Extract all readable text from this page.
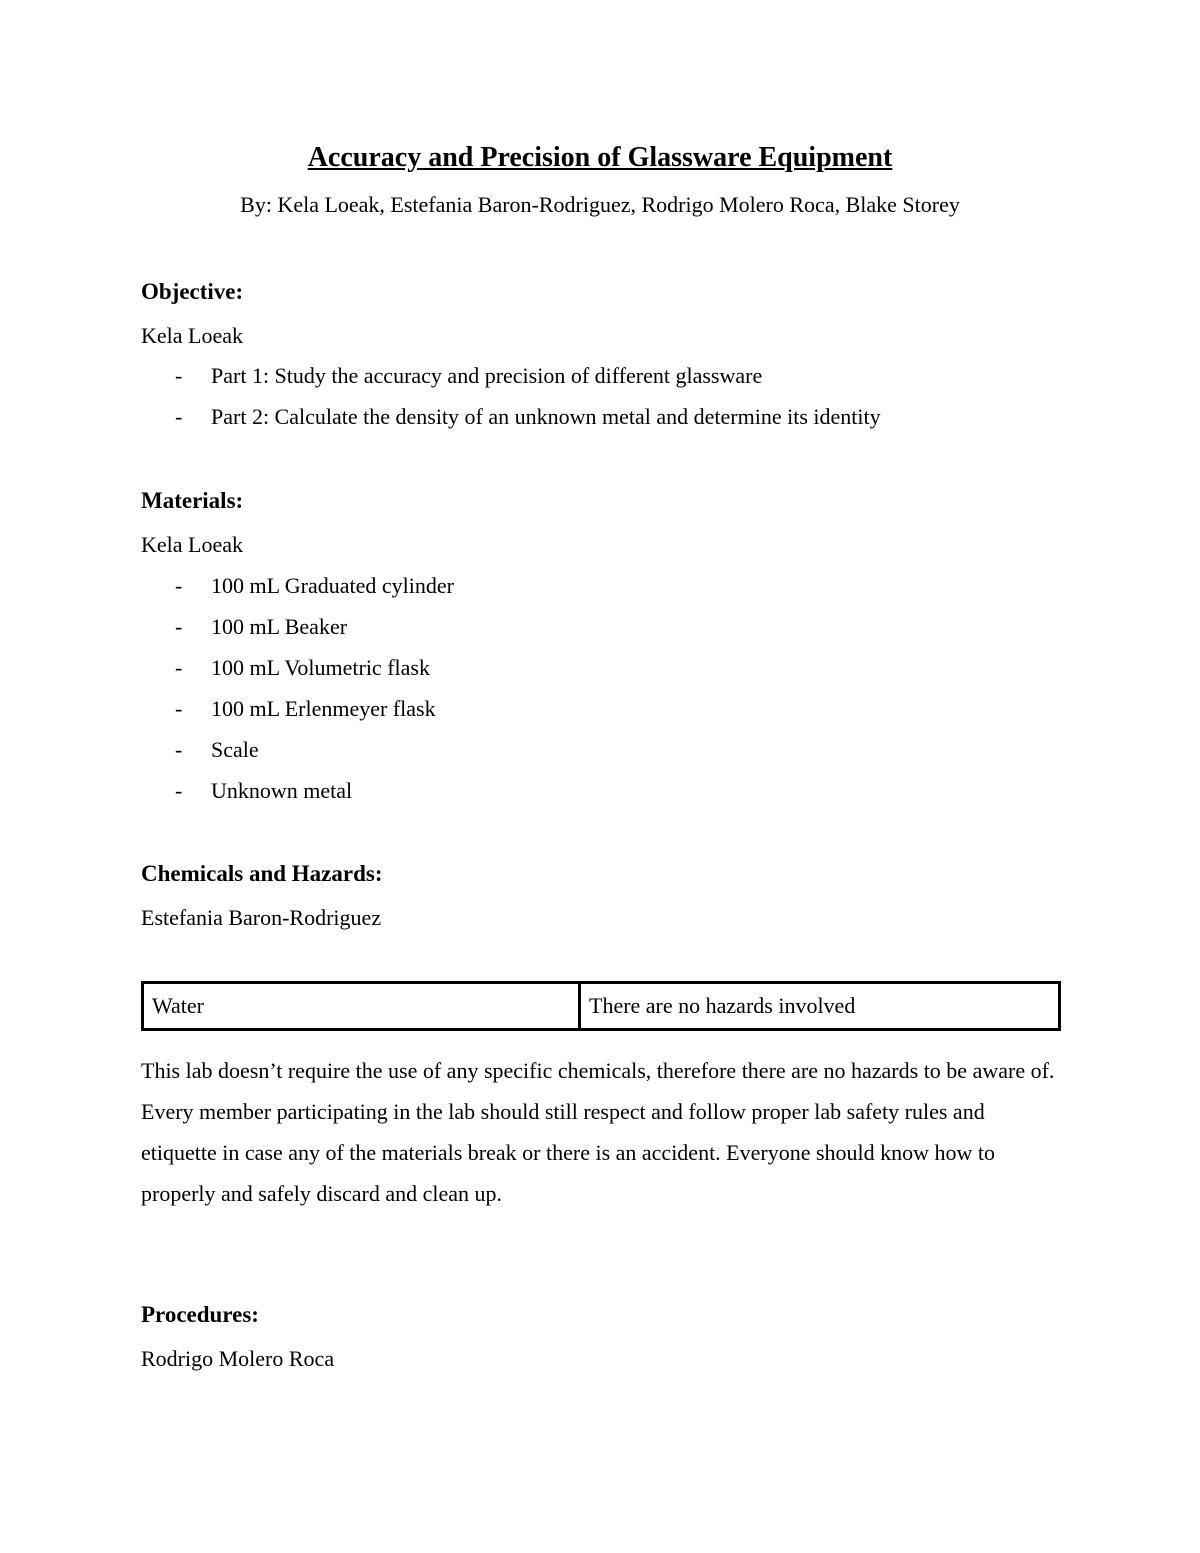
Accuracy and Precision of Glassware Equipment
By: Kela Loeak, Estefania Baron-Rodriguez, Rodrigo Molero Roca, Blake Storey
Objective:
Kela Loeak
- Part 1: Study the accuracy and precision of different glassware
- Part 2: Calculate the density of an unknown metal and determine its identity
Materials:
Kela Loeak
- 100 mL Graduated cylinder
- 100 mL Beaker
- 100 mL Volumetric flask
- 100 mL Erlenmeyer flask
- Scale
- Unknown metal
Chemicals and Hazards:
Estefania Baron-Rodriguez
Water	There are no hazards involved
This lab doesn’t require the use of any specific chemicals, therefore there are no hazards to be aware of. Every member participating in the lab should still respect and follow proper lab safety rules and etiquette in case any of the materials break or there is an accident. Everyone should know how to properly and safely discard and clean up.
Procedures:
Rodrigo Molero Roca
